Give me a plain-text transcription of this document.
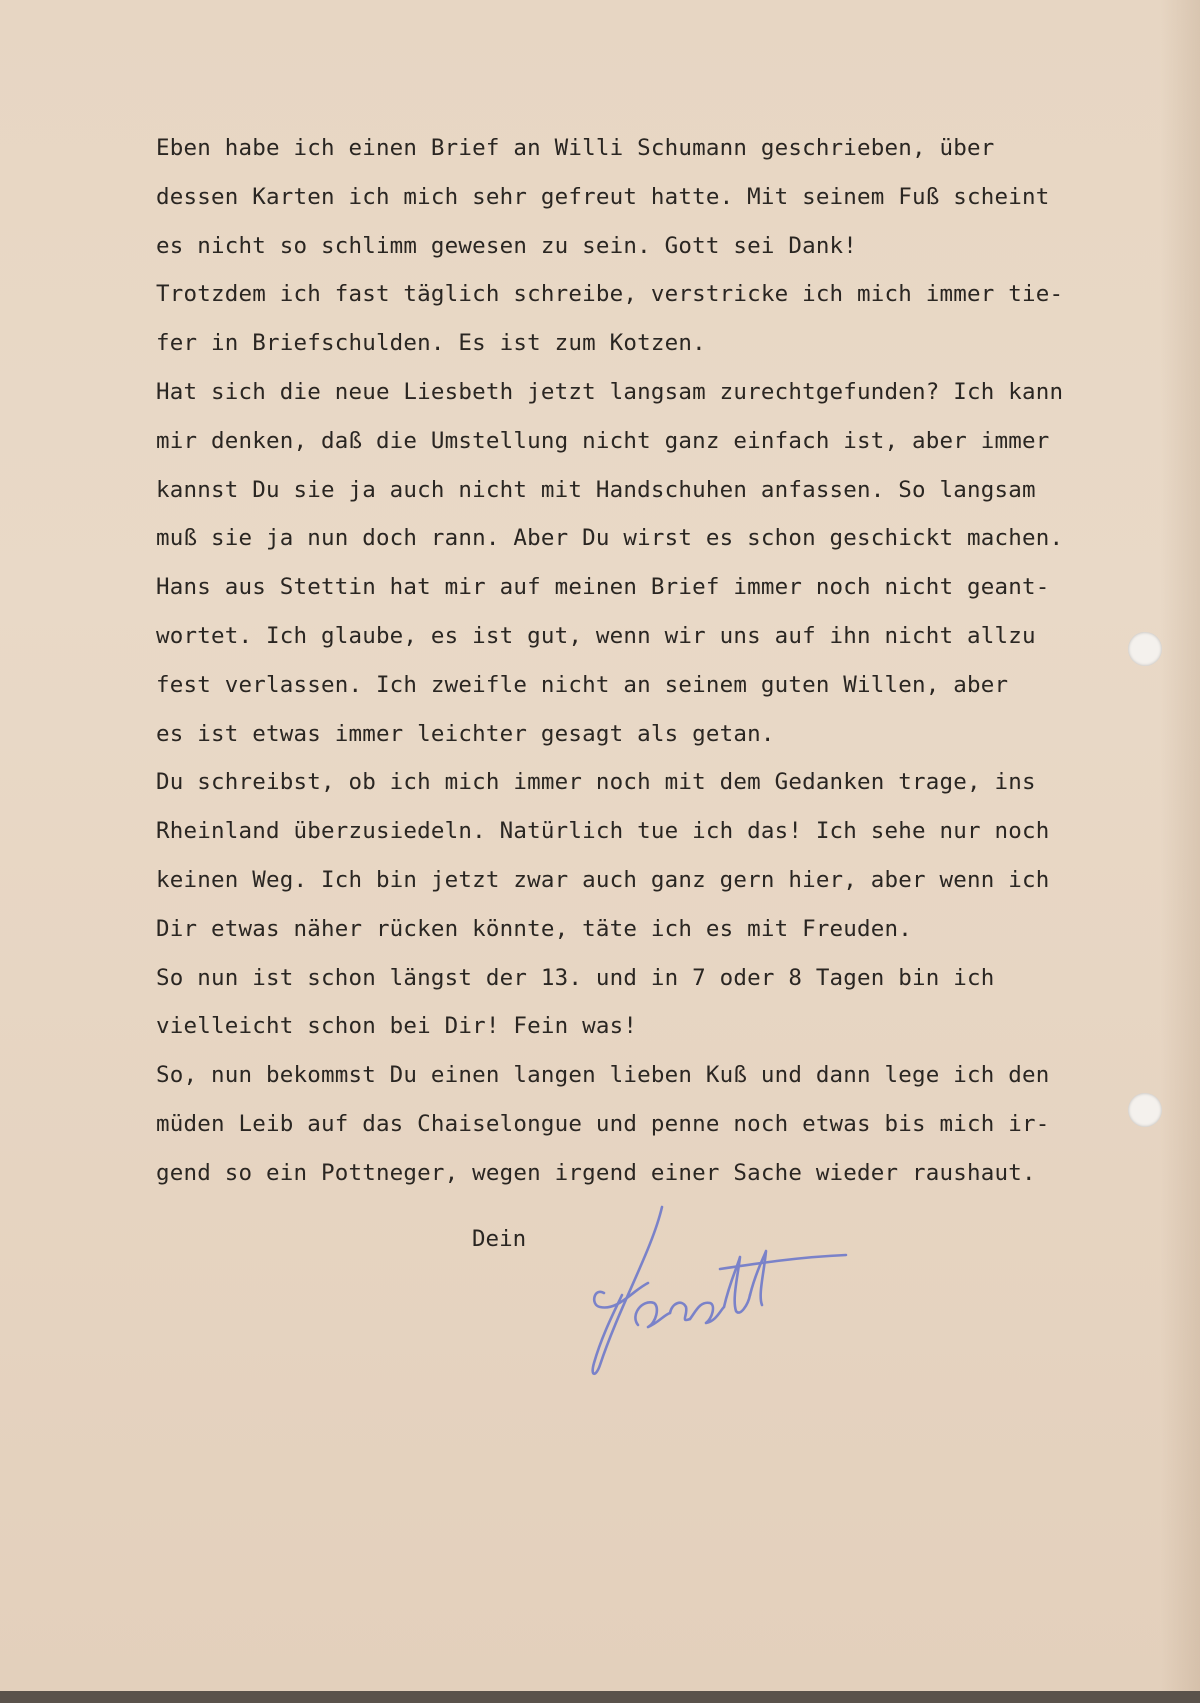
Eben habe ich einen Brief an Willi Schumann geschrieben, über
dessen Karten ich mich sehr gefreut hatte. Mit seinem Fuß scheint
es nicht so schlimm gewesen zu sein. Gott sei Dank!
Trotzdem ich fast täglich schreibe, verstricke ich mich immer tie-
fer in Briefschulden. Es ist zum Kotzen.
Hat sich die neue Liesbeth jetzt langsam zurechtgefunden? Ich kann
mir denken, daß die Umstellung nicht ganz einfach ist, aber immer
kannst Du sie ja auch nicht mit Handschuhen anfassen. So langsam
muß sie ja nun doch rann. Aber Du wirst es schon geschickt machen.
Hans aus Stettin hat mir auf meinen Brief immer noch nicht geant-
wortet. Ich glaube, es ist gut, wenn wir uns auf ihn nicht allzu
fest verlassen. Ich zweifle nicht an seinem guten Willen, aber
es ist etwas immer leichter gesagt als getan.
Du schreibst, ob ich mich immer noch mit dem Gedanken trage, ins
Rheinland überzusiedeln. Natürlich tue ich das! Ich sehe nur noch
keinen Weg. Ich bin jetzt zwar auch ganz gern hier, aber wenn ich
Dir etwas näher rücken könnte, täte ich es mit Freuden.
So nun ist schon längst der 13. und in 7 oder 8 Tagen bin ich
vielleicht schon bei Dir! Fein was!
So, nun bekommst Du einen langen lieben Kuß und dann lege ich den
müden Leib auf das Chaiselongue und penne noch etwas bis mich ir-
gend so ein Pottneger, wegen irgend einer Sache wieder raushaut.
Dein
